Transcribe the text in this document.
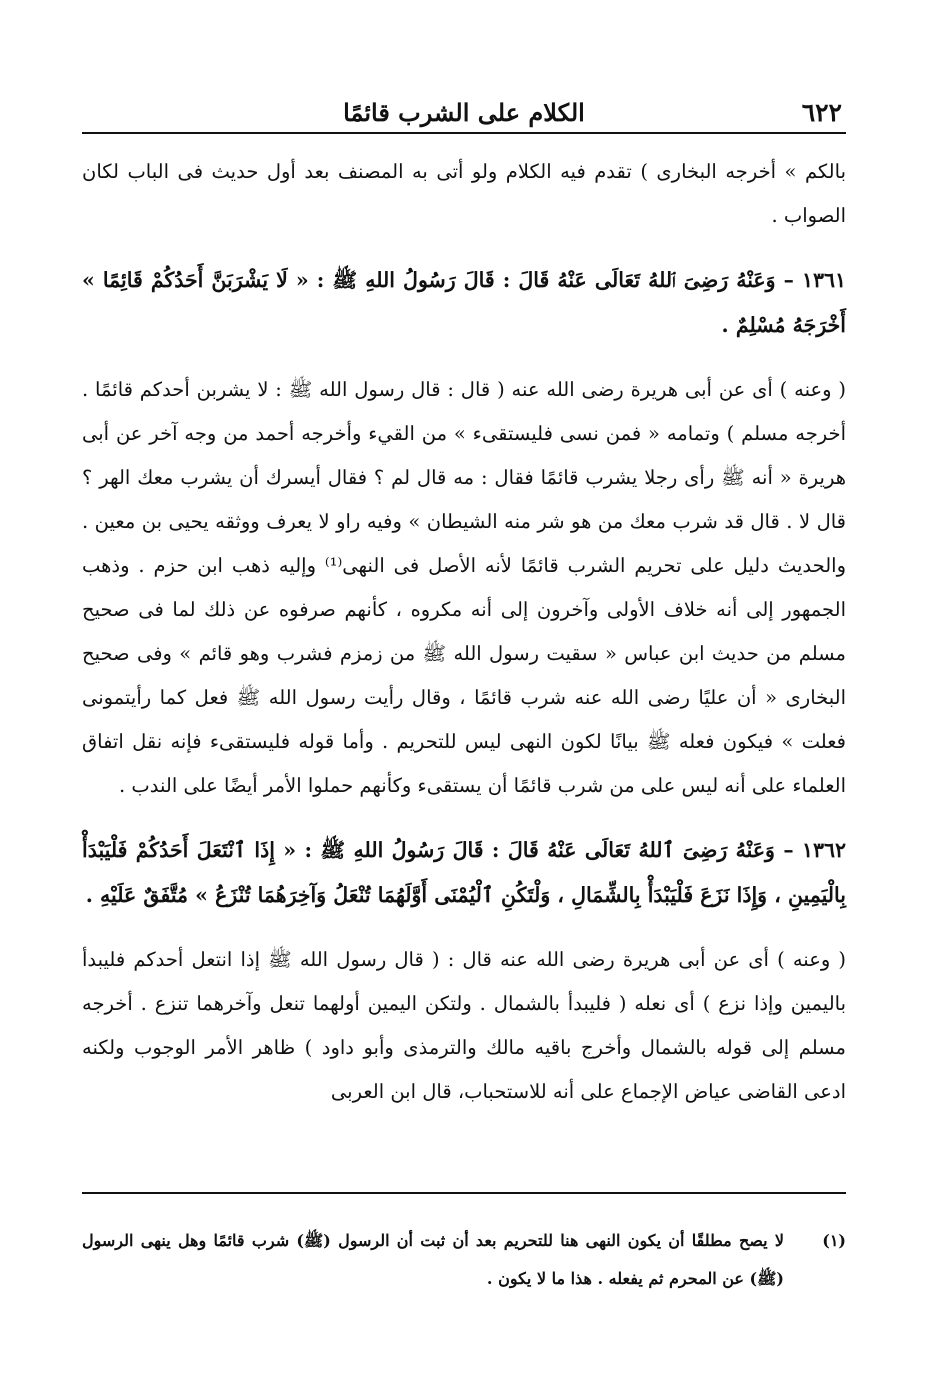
٦٢٢
الكلام على الشرب قائمًا

بالكم » أخرجه البخارى ) تقدم فيه الكلام ولو أتى به المصنف بعد أول حديث فى الباب لكان الصواب .

١٣٦١ – وَعَنْهُ رَضِىَ ٱللهُ تَعَالَى عَنْهُ قَالَ : قَالَ رَسُولُ اللهِ ﷺ : « لَا يَشْرَبَنَّ أَحَدُكُمْ قَائِمًا » أَخْرَجَهُ مُسْلِمٌ .

( وعنه ) أى عن أبى هريرة رضى الله عنه ( قال : قال رسول الله ﷺ : لا يشربن أحدكم قائمًا . أخرجه مسلم ) وتمامه « فمن نسى فليستقىء » من القيء وأخرجه أحمد من وجه آخر عن أبى هريرة « أنه ﷺ رأى رجلا يشرب قائمًا فقال : مه قال لم ؟ فقال أيسرك أن يشرب معك الهر ؟ قال لا . قال قد شرب معك من هو شر منه الشيطان » وفيه راو لا يعرف ووثقه يحيى بن معين . والحديث دليل على تحريم الشرب قائمًا لأنه الأصل فى النهى⁽¹⁾ وإليه ذهب ابن حزم . وذهب الجمهور إلى أنه خلاف الأولى وآخرون إلى أنه مكروه ، كأنهم صرفوه عن ذلك لما فى صحيح مسلم من حديث ابن عباس « سقيت رسول الله ﷺ من زمزم فشرب وهو قائم » وفى صحيح البخارى « أن عليًا رضى الله عنه شرب قائمًا ، وقال رأيت رسول الله ﷺ فعل كما رأيتمونى فعلت » فيكون فعله ﷺ بيانًا لكون النهى ليس للتحريم . وأما قوله فليستقىء فإنه نقل اتفاق العلماء على أنه ليس على من شرب قائمًا أن يستقىء وكأنهم حملوا الأمر أيضًا على الندب .

١٣٦٢ – وَعَنْهُ رَضِىَ ٱللهُ تَعَالَى عَنْهُ قَالَ : قَالَ رَسُولُ اللهِ ﷺ : « إِذَا ٱنْتَعَلَ أَحَدُكُمْ فَلْيَبْدَأْ بِالْيَمِينِ ، وَإِذَا نَزَعَ فَلْيَبْدَأْ بِالشِّمَالِ ، وَلْتَكُنِ ٱلْيُمْنَى أَوَّلَهُمَا تُنْعَلُ وَآخِرَهُمَا تُنْزَعُ » مُتَّفَقٌ عَلَيْهِ .

( وعنه ) أى عن أبى هريرة رضى الله عنه قال : ( قال رسول الله ﷺ إذا انتعل أحدكم فليبدأ باليمين وإذا نزع ) أى نعله ( فليبدأ بالشمال . ولتكن اليمين أولهما تنعل وآخرهما تنزع . أخرجه مسلم إلى قوله بالشمال وأخرج باقيه مالك والترمذى وأبو داود ) ظاهر الأمر الوجوب ولكنه ادعى القاضى عياض الإجماع على أنه للاستحباب، قال ابن العربى

(١)

لا يصح مطلقًا أن يكون النهى هنا للتحريم بعد أن ثبت أن الرسول (ﷺ) شرب قائمًا وهل ينهى الرسول (ﷺ) عن المحرم ثم يفعله . هذا ما لا يكون .
